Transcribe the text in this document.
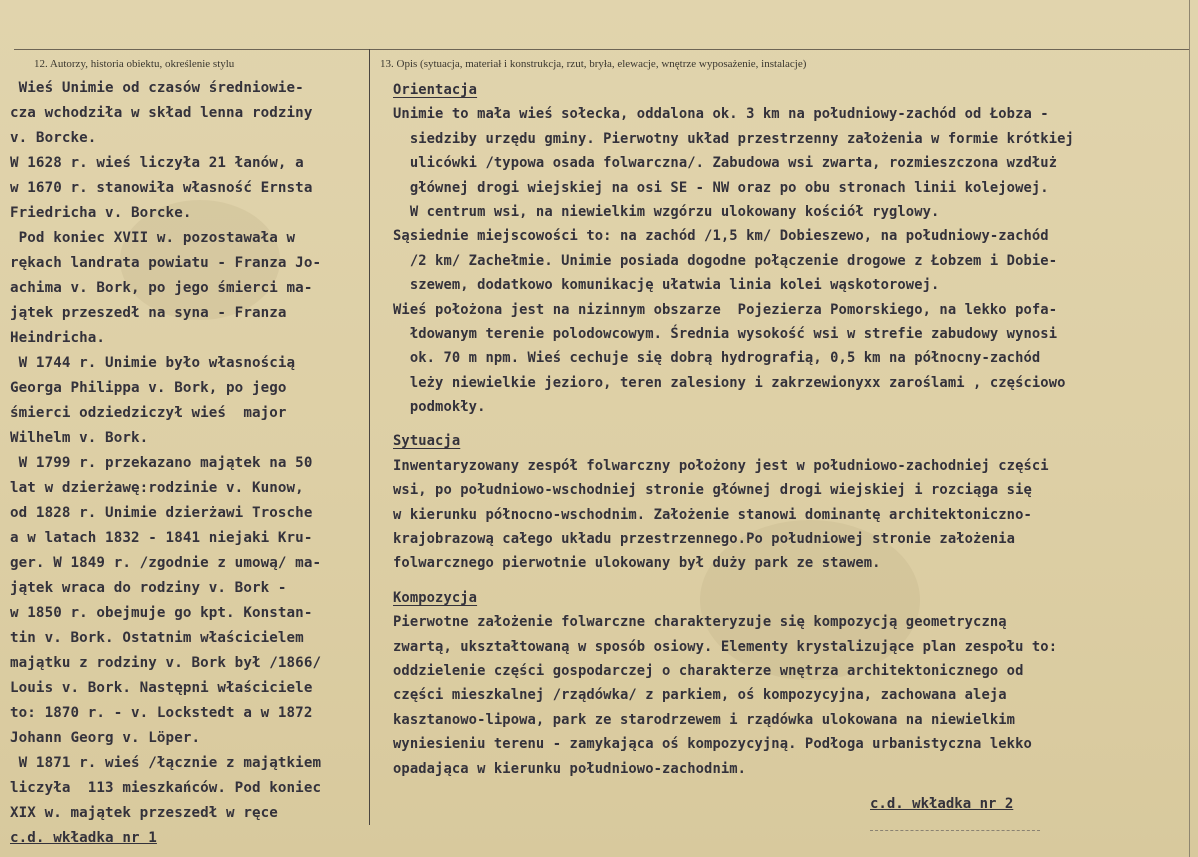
12. Autorzy, historia obiektu, określenie stylu	13. Opis (sytuacja, materiał i konstrukcja, rzut, bryła, elewacje, wnętrze wyposażenie, instalacje)
Wieś Unimie od czasów średniowie-
cza wchodziła w skład lenna rodziny
v. Borcke.
W 1628 r. wieś liczyła 21 łanów, a
w 1670 r. stanowiła własność Ernsta
Friedricha v. Borcke.
Pod koniec XVII w. pozostawała w
rękach landrata powiatu - Franza Jo-
achima v. Bork, po jego śmierci ma-
jątek przeszedł na syna - Franza
Heindricha.
W 1744 r. Unimie było własnością
Georga Philippa v. Bork, po jego
śmierci odziedziczył wieś  major
Wilhelm v. Bork.
W 1799 r. przekazano majątek na 50
lat w dzierżawę:rodzinie v. Kunow,
od 1828 r. Unimie dzierżawi Trosche
a w latach 1832 - 1841 niejaki Kru-
ger. W 1849 r. /zgodnie z umową/ ma-
jątek wraca do rodziny v. Bork -
w 1850 r. obejmuje go kpt. Konstan-
tin v. Bork. Ostatnim właścicielem
majątku z rodziny v. Bork był /1866/
Louis v. Bork. Następni właściciele
to: 1870 r. - v. Lockstedt a w 1872
Johann Georg v. Löper.
W 1871 r. wieś /łącznie z majątkiem
liczyła  113 mieszkańców. Pod koniec
XIX w. majątek przeszedł w ręce
c.d. wkładka nr 1
Orientacja
Unimie to mała wieś sołecka, oddalona ok. 3 km na południowy-zachód od Łobza -
siedziby urzędu gminy. Pierwotny układ przestrzenny założenia w formie krótkiej
ulicówki /typowa osada folwarczna/. Zabudowa wsi zwarta, rozmieszczona wzdłuż
głównej drogi wiejskiej na osi SE - NW oraz po obu stronach linii kolejowej.
W centrum wsi, na niewielkim wzgórzu ulokowany kościół ryglowy.
Sąsiednie miejscowości to: na zachód /1,5 km/ Dobieszewo, na południowy-zachód
/2 km/ Zachełmie. Unimie posiada dogodne połączenie drogowe z Łobzem i Dobie-
szewem, dodatkowo komunikację ułatwia linia kolei wąskotorowej.
Wieś położona jest na nizinnym obszarze  Pojezierza Pomorskiego, na lekko pofa-
łdowanym terenie polodowcowym. Średnia wysokość wsi w strefie zabudowy wynosi
ok. 70 m npm. Wieś cechuje się dobrą hydrografią, 0,5 km na północny-zachód
leży niewielkie jezioro, teren zalesiony i zakrzewionyxx zaroślami , częściowo
podmokły.
Sytuacja
Inwentaryzowany zespół folwarczny położony jest w południowo-zachodniej części
wsi, po południowo-wschodniej stronie głównej drogi wiejskiej i rozciąga się
w kierunku północno-wschodnim. Założenie stanowi dominantę architektoniczno-
krajobrazową całego układu przestrzennego.Po południowej stronie założenia
folwarcznego pierwotnie ulokowany był duży park ze stawem.
Kompozycja
Pierwotne założenie folwarczne charakteryzuje się kompozycją geometryczną
zwartą, ukształtowaną w sposób osiowy. Elementy krystalizujące plan zespołu to:
oddzielenie części gospodarczej o charakterze wnętrza architektonicznego od
części mieszkalnej /rządówka/ z parkiem, oś kompozycyjna, zachowana aleja
kasztanowo-lipowa, park ze starodrzewem i rządówka ulokowana na niewielkim
wyniesieniu terenu - zamykająca oś kompozycyjną. Podłoga urbanistyczna lekko
opadająca w kierunku południowo-zachodnim.
c.d. wkładka nr 2
